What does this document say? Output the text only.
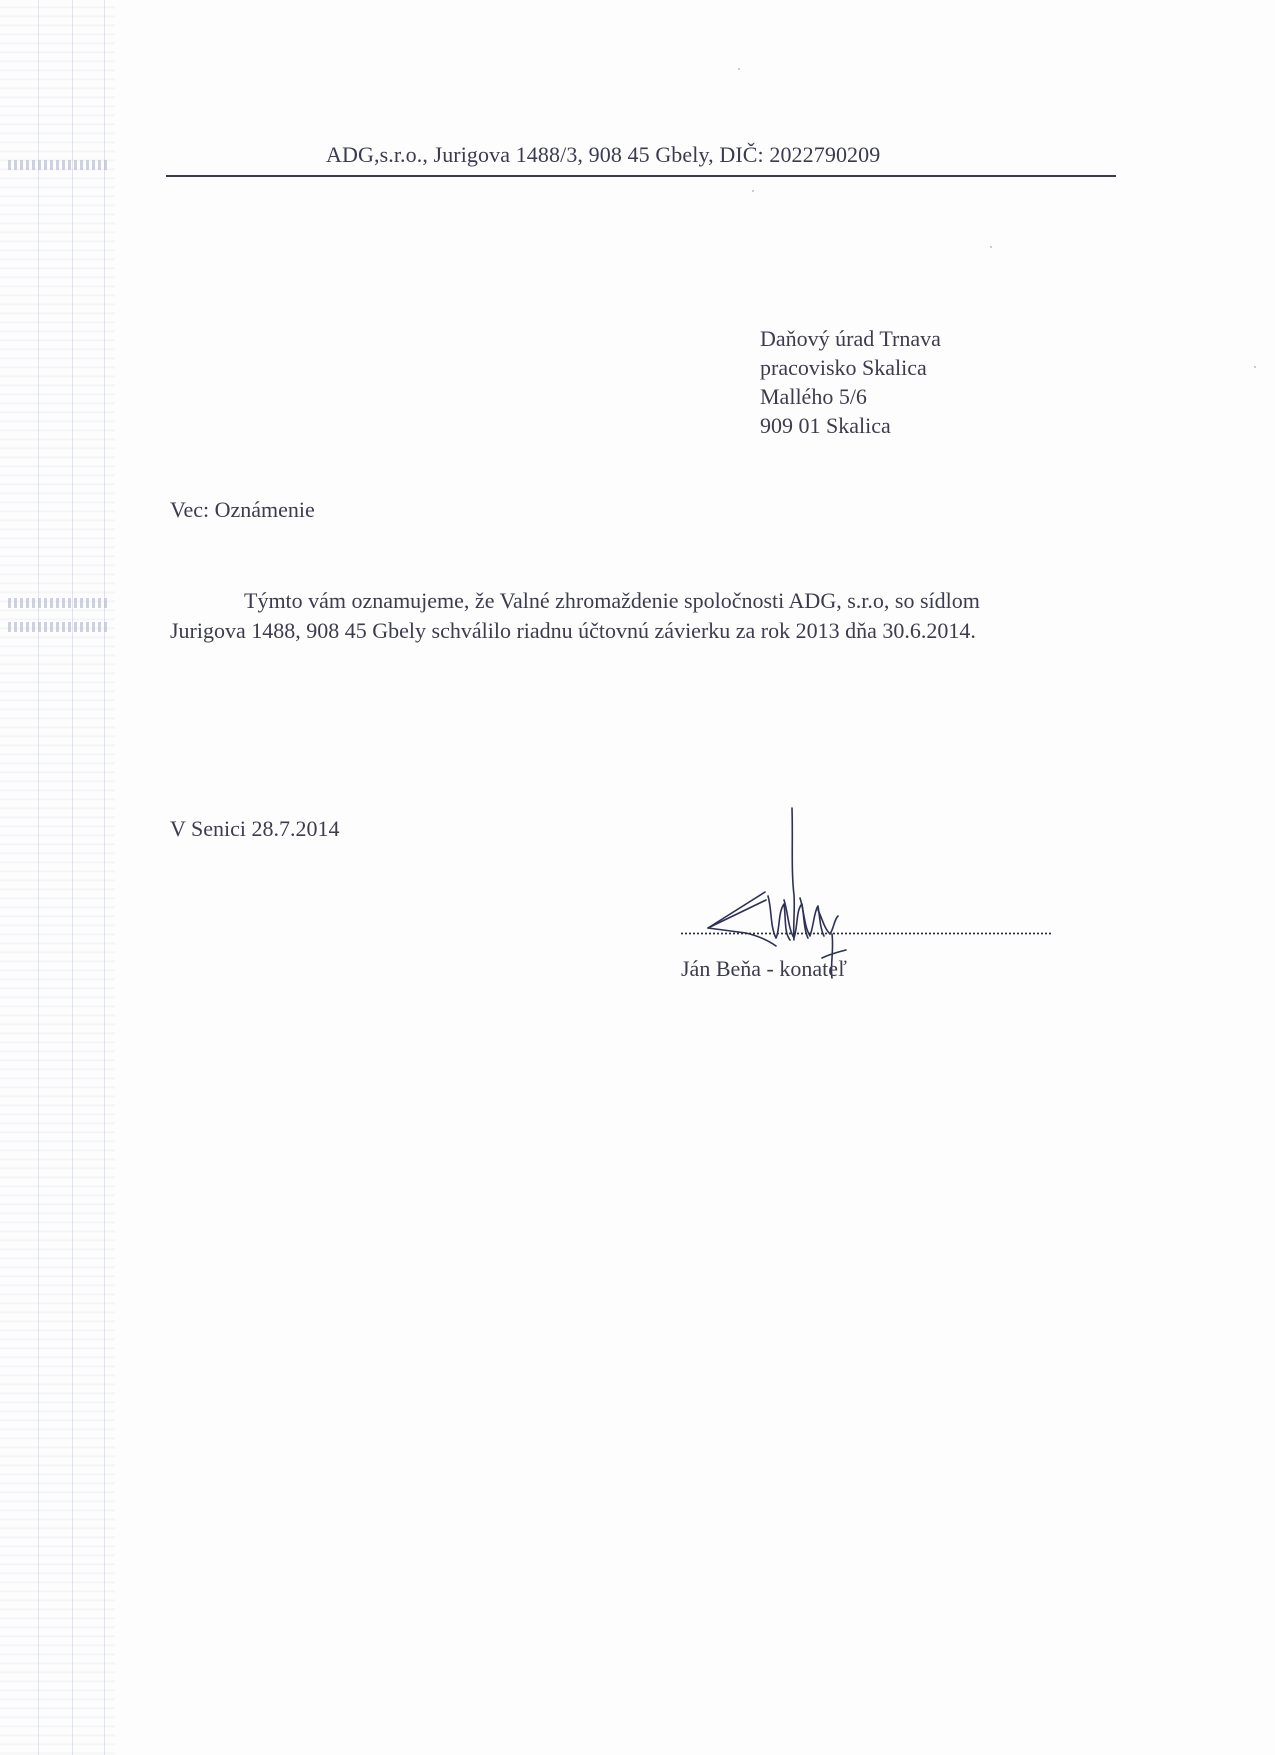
ADG,s.r.o., Jurigova 1488/3, 908 45 Gbely, DIČ: 2022790209
Daňový úrad Trnava
pracovisko Skalica
Mallého 5/6
909 01 Skalica
Vec: Oznámenie
Týmto vám oznamujeme, že Valné zhromaždenie spoločnosti ADG, s.r.o, so sídlom
Jurigova 1488, 908 45 Gbely schválilo riadnu účtovnú závierku za rok 2013 dňa 30.6.2014.
V Senici 28.7.2014
Ján Beňa - konateľ
